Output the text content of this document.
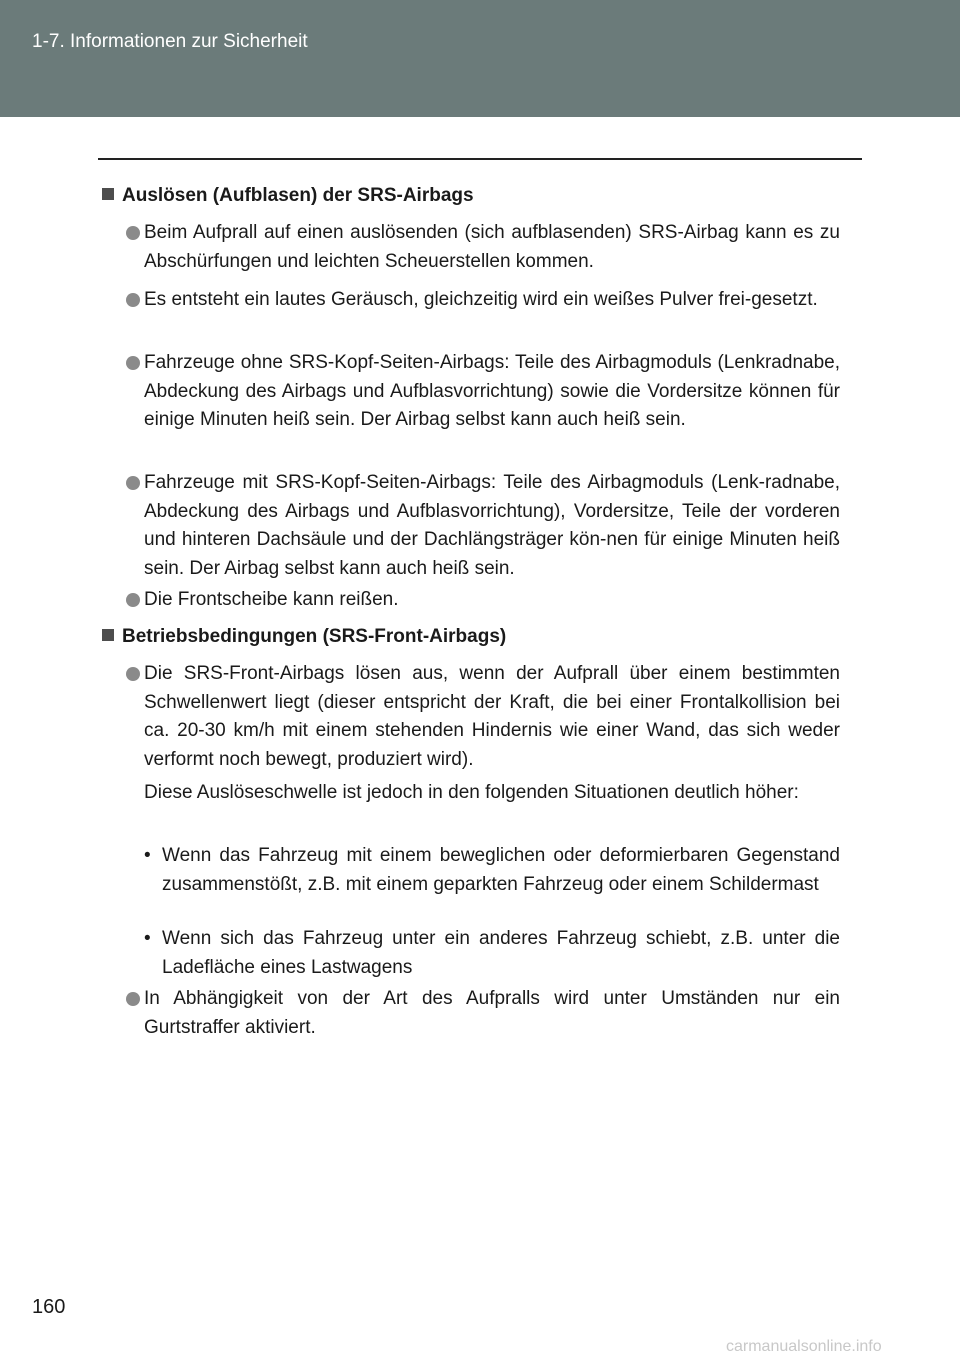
1-7. Informationen zur Sicherheit
Auslösen (Aufblasen) der SRS-Airbags
Beim Aufprall auf einen auslösenden (sich aufblasenden) SRS-Airbag kann es zu Abschürfungen und leichten Scheuerstellen kommen.
Es entsteht ein lautes Geräusch, gleichzeitig wird ein weißes Pulver frei-gesetzt.
Fahrzeuge ohne SRS-Kopf-Seiten-Airbags: Teile des Airbagmoduls (Lenkradnabe, Abdeckung des Airbags und Aufblasvorrichtung) sowie die Vordersitze können für einige Minuten heiß sein. Der Airbag selbst kann auch heiß sein.
Fahrzeuge mit SRS-Kopf-Seiten-Airbags: Teile des Airbagmoduls (Lenk-radnabe, Abdeckung des Airbags und Aufblasvorrichtung), Vordersitze, Teile der vorderen und hinteren Dachsäule und der Dachlängsträger kön-nen für einige Minuten heiß sein. Der Airbag selbst kann auch heiß sein.
Die Frontscheibe kann reißen.
Betriebsbedingungen (SRS-Front-Airbags)
Die SRS-Front-Airbags lösen aus, wenn der Aufprall über einem bestimmten Schwellenwert liegt (dieser entspricht der Kraft, die bei einer Frontalkollision bei ca. 20-30 km/h mit einem stehenden Hindernis wie einer Wand, das sich weder verformt noch bewegt, produziert wird).
Diese Auslöseschwelle ist jedoch in den folgenden Situationen deutlich höher:
• Wenn das Fahrzeug mit einem beweglichen oder deformierbaren Gegenstand zusammenstößt, z.B. mit einem geparkten Fahrzeug oder einem Schildermast
• Wenn sich das Fahrzeug unter ein anderes Fahrzeug schiebt, z.B. unter die Ladefläche eines Lastwagens
In Abhängigkeit von der Art des Aufpralls wird unter Umständen nur ein Gurtstraffer aktiviert.
160
carmanualsonline.info
